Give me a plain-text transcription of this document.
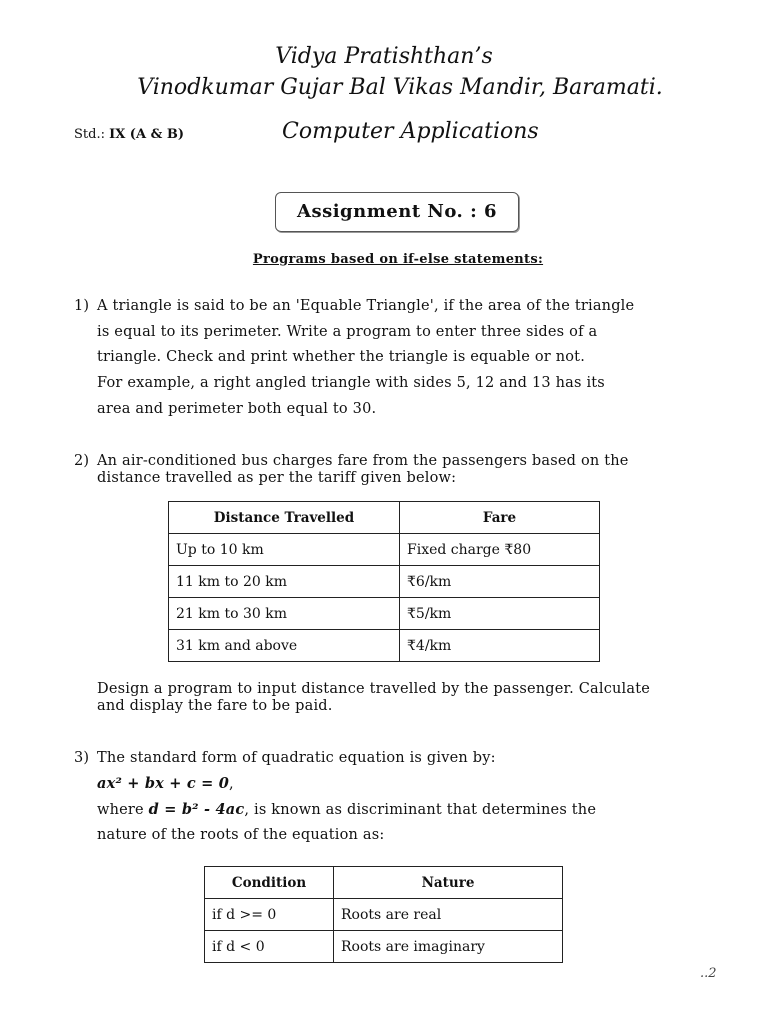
Vidya Pratishthan’s
Vinodkumar Gujar Bal Vikas Mandir, Baramati.
Std.: IX (A & B)	Computer Applications
Assignment No. : 6
Programs based on if-else statements:
1) A triangle is said to be an 'Equable Triangle', if the area of the triangle
is equal to its perimeter. Write a program to enter three sides of a
triangle. Check and print whether the triangle is equable or not.
For example, a right angled triangle with sides 5, 12 and 13 has its
area and perimeter both equal to 30.
2) An air-conditioned bus charges fare from the passengers based on the
distance travelled as per the tariff given below:
Distance Travelled	Fare
Up to 10 km	Fixed charge ₹80
11 km to 20 km	₹6/km
21 km to 30 km	₹5/km
31 km and above	₹4/km
Design a program to input distance travelled by the passenger. Calculate
and display the fare to be paid.
3) The standard form of quadratic equation is given by:
ax² + bx + c = 0,
where d = b² - 4ac, is known as discriminant that determines the
nature of the roots of the equation as:
Condition	Nature
if d >= 0	Roots are real
if d < 0	Roots are imaginary
..2
